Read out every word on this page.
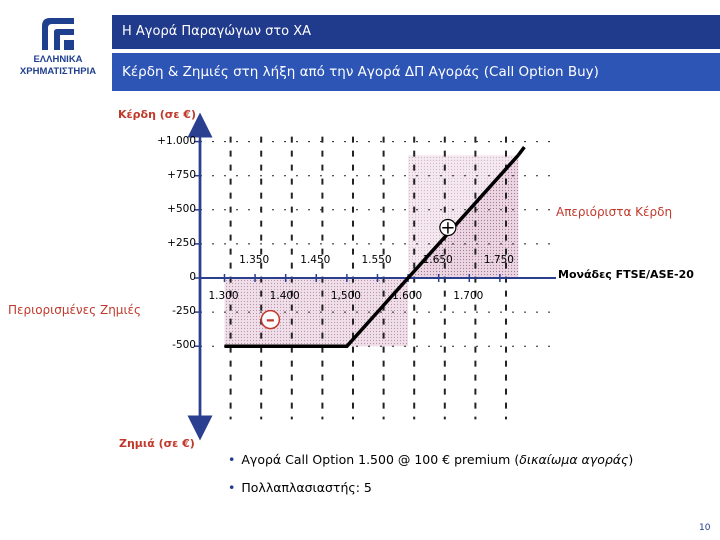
ΕΛΛΗΝΙΚΑ
ΧΡΗΜΑΤΙΣΤΗΡΙΑ
Η Αγορά Παραγώγων στο ΧΑ
Κέρδη & Ζημιές στη λήξη από την Αγορά ΔΠ Αγοράς (Call Option Buy)
+
–
Κέρδη (σε €)
Ζημιά (σε €)
Μονάδες FTSE/ASE-20
Απεριόριστα Κέρδη
Περιορισμένες Ζημιές
+1.000
+750
+500
+250
0
-250
-500
1.350	1.450	1.550	1.650	1.750
1.300	1.400	1,500	1.600	1.700
• Αγορά Call Option 1.500 @ 100 € premium (δικαίωμα αγοράς)
• Πολλαπλασιαστής: 5
10
